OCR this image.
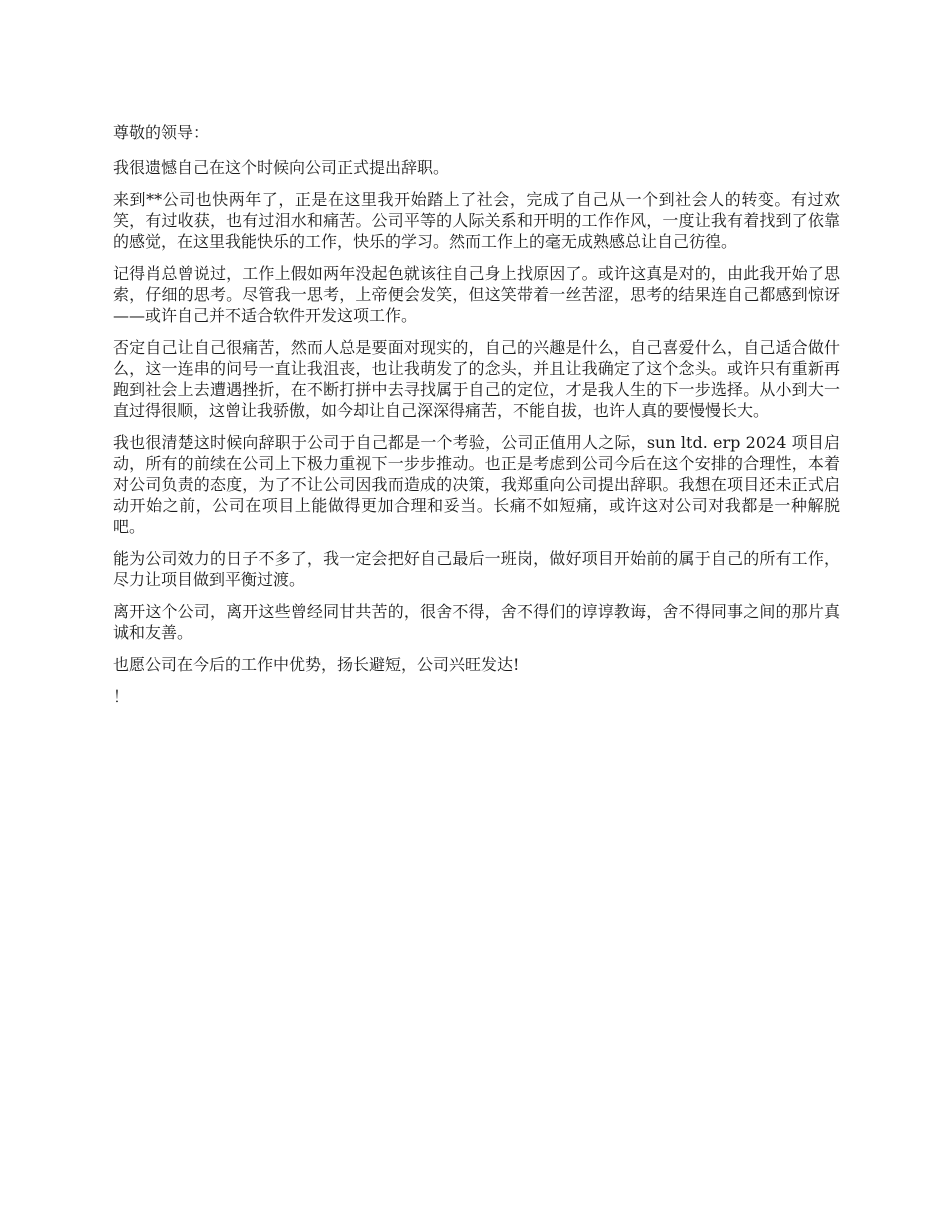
尊敬的领导：

我很遗憾自己在这个时候向公司正式提出辞职。

来到**公司也快两年了，正是在这里我开始踏上了社会，完成了自己从一个到社会人的转变。有过欢笑，有过收获，也有过泪水和痛苦。公司平等的人际关系和开明的工作作风，一度让我有着找到了依靠的感觉，在这里我能快乐的工作，快乐的学习。然而工作上的毫无成熟感总让自己彷徨。

记得肖总曾说过，工作上假如两年没起色就该往自己身上找原因了。或许这真是对的，由此我开始了思索，仔细的思考。尽管我一思考，上帝便会发笑，但这笑带着一丝苦涩，思考的结果连自己都感到惊讶——或许自己并不适合软件开发这项工作。

否定自己让自己很痛苦，然而人总是要面对现实的，自己的兴趣是什么，自己喜爱什么，自己适合做什么，这一连串的问号一直让我沮丧，也让我萌发了的念头，并且让我确定了这个念头。或许只有重新再跑到社会上去遭遇挫折，在不断打拼中去寻找属于自己的定位，才是我人生的下一步选择。从小到大一直过得很顺，这曾让我骄傲，如今却让自己深深得痛苦，不能自拔，也许人真的要慢慢长大。

我也很清楚这时候向辞职于公司于自己都是一个考验，公司正值用人之际，sun ltd. erp 2024 项目启动，所有的前续在公司上下极力重视下一步步推动。也正是考虑到公司今后在这个安排的合理性，本着对公司负责的态度，为了不让公司因我而造成的决策，我郑重向公司提出辞职。我想在项目还未正式启动开始之前，公司在项目上能做得更加合理和妥当。长痛不如短痛，或许这对公司对我都是一种解脱吧。

能为公司效力的日子不多了，我一定会把好自己最后一班岗，做好项目开始前的属于自己的所有工作，尽力让项目做到平衡过渡。

离开这个公司，离开这些曾经同甘共苦的，很舍不得，舍不得们的谆谆教诲，舍不得同事之间的那片真诚和友善。

也愿公司在今后的工作中优势，扬长避短，公司兴旺发达!

！
